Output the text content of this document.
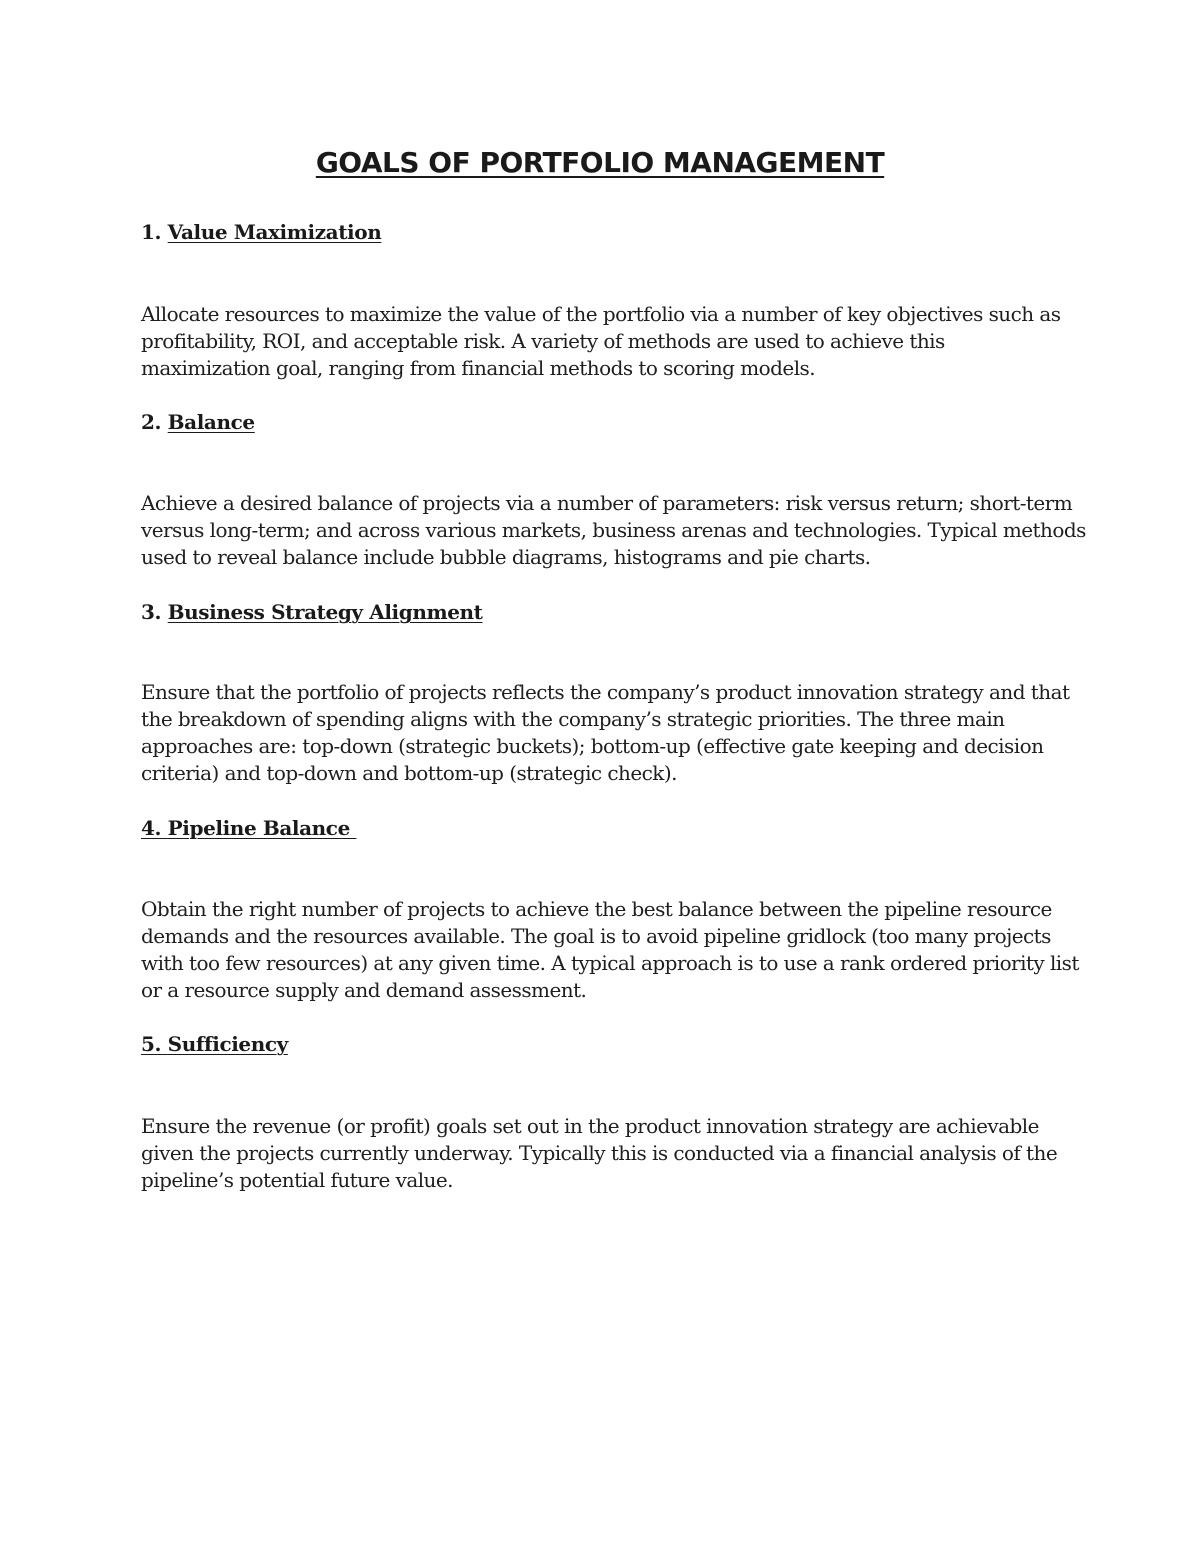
GOALS OF PORTFOLIO MANAGEMENT
1. Value Maximization
Allocate resources to maximize the value of the portfolio via a number of key objectives such as
profitability, ROI, and acceptable risk. A variety of methods are used to achieve this
maximization goal, ranging from financial methods to scoring models.
2. Balance
Achieve a desired balance of projects via a number of parameters: risk versus return; short-term
versus long-term; and across various markets, business arenas and technologies. Typical methods
used to reveal balance include bubble diagrams, histograms and pie charts.
3. Business Strategy Alignment
Ensure that the portfolio of projects reflects the company’s product innovation strategy and that
the breakdown of spending aligns with the company’s strategic priorities. The three main
approaches are: top-down (strategic buckets); bottom-up (effective gate keeping and decision
criteria) and top-down and bottom-up (strategic check).
4. Pipeline Balance
Obtain the right number of projects to achieve the best balance between the pipeline resource
demands and the resources available. The goal is to avoid pipeline gridlock (too many projects
with too few resources) at any given time. A typical approach is to use a rank ordered priority list
or a resource supply and demand assessment.
5. Sufficiency
Ensure the revenue (or profit) goals set out in the product innovation strategy are achievable
given the projects currently underway. Typically this is conducted via a financial analysis of the
pipeline’s potential future value.
